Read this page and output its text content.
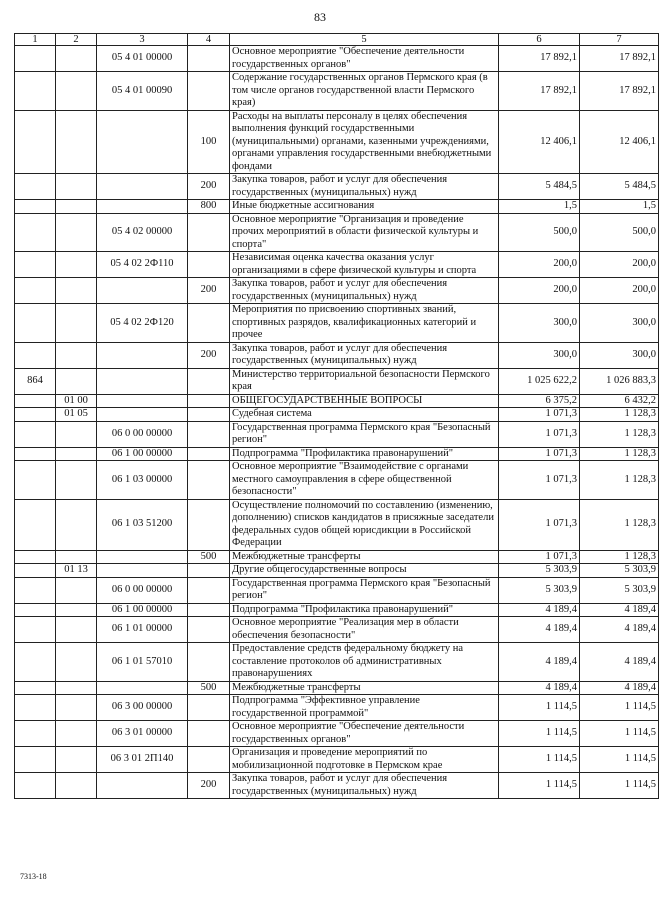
83
1	2	3	4	5	6	7
		05 4 01 00000		Основное мероприятие "Обеспечение деятельности государственных органов"	17 892,1	17 892,1
		05 4 01 00090		Содержание государственных органов Пермского края (в том числе органов государственной власти Пермского края)	17 892,1	17 892,1
			100	Расходы на выплаты персоналу в целях обеспечения выполнения функций государственными (муниципальными) органами, казенными учреждениями, органами управления государственными внебюджетными фондами	12 406,1	12 406,1
			200	Закупка товаров, работ и услуг для обеспечения государственных (муниципальных) нужд	5 484,5	5 484,5
			800	Иные бюджетные ассигнования	1,5	1,5
		05 4 02 00000		Основное мероприятие "Организация и проведение прочих мероприятий в области физической культуры и спорта"	500,0	500,0
		05 4 02 2Ф110		Независимая оценка качества оказания услуг организациями в сфере физической культуры и спорта	200,0	200,0
			200	Закупка товаров, работ и услуг для обеспечения государственных (муниципальных) нужд	200,0	200,0
		05 4 02 2Ф120		Мероприятия по присвоению спортивных званий, спортивных разрядов, квалификационных категорий и прочее	300,0	300,0
			200	Закупка товаров, работ и услуг для обеспечения государственных (муниципальных) нужд	300,0	300,0
864				Министерство территориальной безопасности Пермского края	1 025 622,2	1 026 883,3
	01 00			ОБЩЕГОСУДАРСТВЕННЫЕ ВОПРОСЫ	6 375,2	6 432,2
	01 05			Судебная система	1 071,3	1 128,3
		06 0 00 00000		Государственная программа Пермского края "Безопасный регион"	1 071,3	1 128,3
		06 1 00 00000		Подпрограмма "Профилактика правонарушений"	1 071,3	1 128,3
		06 1 03 00000		Основное мероприятие "Взаимодействие с органами местного самоуправления в сфере общественной безопасности"	1 071,3	1 128,3
		06 1 03 51200		Осуществление полномочий по составлению (изменению, дополнению) списков кандидатов в присяжные заседатели федеральных судов общей юрисдикции в Российской Федерации	1 071,3	1 128,3
			500	Межбюджетные трансферты	1 071,3	1 128,3
	01 13			Другие общегосударственные вопросы	5 303,9	5 303,9
		06 0 00 00000		Государственная программа Пермского края "Безопасный регион"	5 303,9	5 303,9
		06 1 00 00000		Подпрограмма "Профилактика правонарушений"	4 189,4	4 189,4
		06 1 01 00000		Основное мероприятие "Реализация мер в области обеспечения безопасности"	4 189,4	4 189,4
		06 1 01 57010		Предоставление средств федеральному бюджету на составление протоколов об административных правонарушениях	4 189,4	4 189,4
			500	Межбюджетные трансферты	4 189,4	4 189,4
		06 3 00 00000		Подпрограмма "Эффективное управление государственной программой"	1 114,5	1 114,5
		06 3 01 00000		Основное мероприятие "Обеспечение деятельности государственных органов"	1 114,5	1 114,5
		06 3 01 2П140		Организация и проведение мероприятий по мобилизационной подготовке в Пермском крае	1 114,5	1 114,5
			200	Закупка товаров, работ и услуг для обеспечения государственных (муниципальных) нужд	1 114,5	1 114,5
7313-18
